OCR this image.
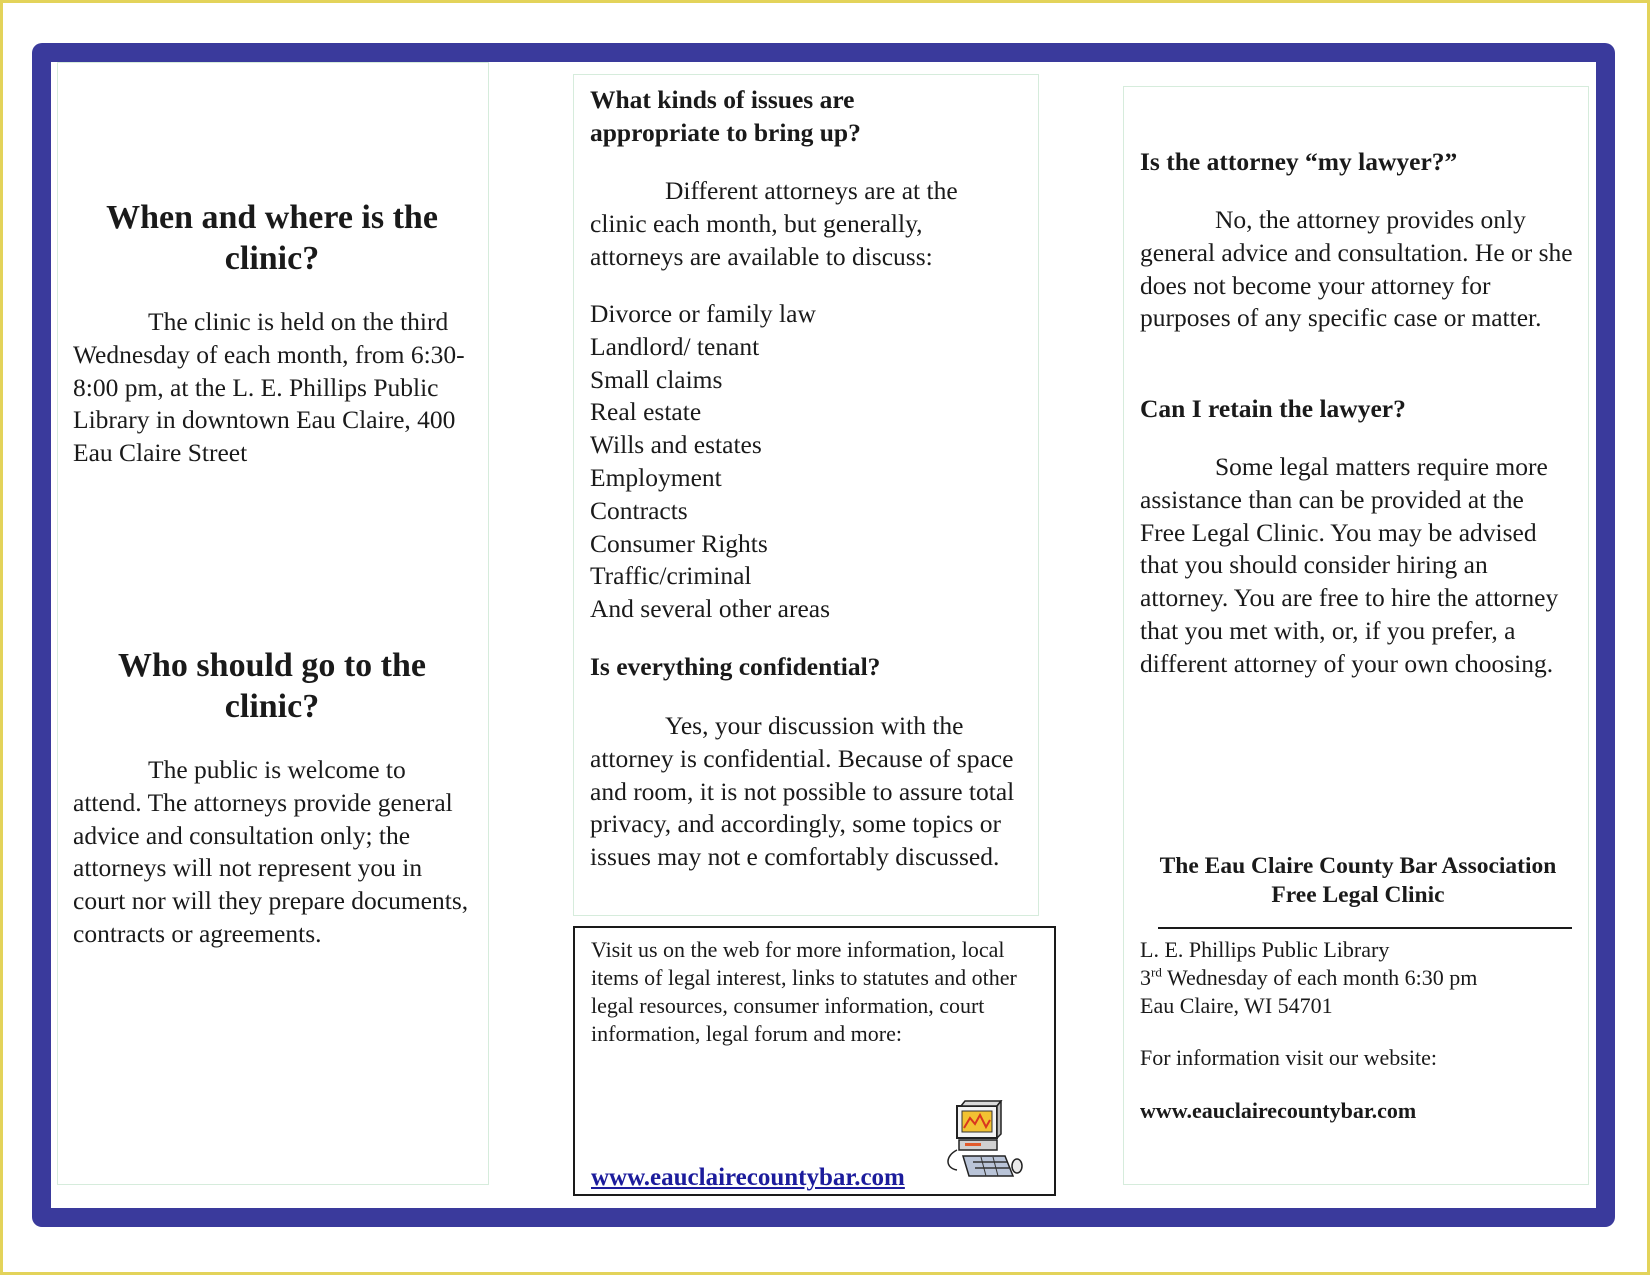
When and where is the clinic?

The clinic is held on the third Wednesday of each month, from 6:30-8:00 pm, at the L. E. Phillips Public Library in downtown Eau Claire, 400 Eau Claire Street

Who should go to the clinic?

The public is welcome to attend. The attorneys provide general advice and consultation only; the attorneys will not represent you in court nor will they prepare documents, contracts or agreements.

What kinds of issues are appropriate to bring up?

Different attorneys are at the clinic each month, but generally, attorneys are available to discuss:

Divorce or family law
Landlord/ tenant
Small claims
Real estate
Wills and estates
Employment
Contracts
Consumer Rights
Traffic/criminal
And several other areas
Is everything confidential?

Yes, your discussion with the attorney is confidential. Because of space and room, it is not possible to assure total privacy, and accordingly, some topics or issues may not e comfortably discussed.

Visit us on the web for more information, local items of legal interest, links to statutes and other legal resources, consumer information, court information, legal forum and more:

www.eauclairecountybar.com
Is the attorney “my lawyer?”

No, the attorney provides only general advice and consultation. He or she does not become your attorney for purposes of any specific case or matter.

Can I retain the lawyer?

Some legal matters require more assistance than can be provided at the Free Legal Clinic. You may be advised that you should consider hiring an attorney. You are free to hire the attorney that you met with, or, if you prefer, a different attorney of your own choosing.

The Eau Claire County Bar Association
Free Legal Clinic

L. E. Phillips Public Library
3rd Wednesday of each month 6:30 pm
Eau Claire, WI 54701

For information visit our website:

www.eauclairecountybar.com
